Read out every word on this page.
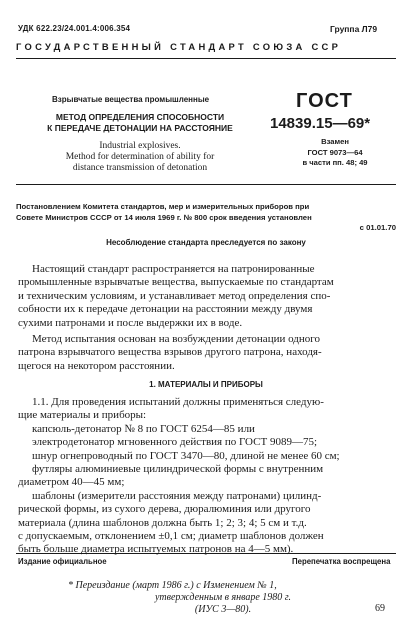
УДК 622.23/24.001.4:006.354	Группа Л79
ГОСУДАРСТВЕННЫЙ СТАНДАРТ СОЮЗА ССР
Взрывчатые вещества промышленные
МЕТОД ОПРЕДЕЛЕНИЯ СПОСОБНОСТИ
К ПЕРЕДАЧЕ ДЕТОНАЦИИ НА РАССТОЯНИЕ
Industrial explosives.
Method for determination of ability for
distance transmission of detonation
ГОСТ
14839.15—69*
Взамен
ГОСТ 9073—64
в части пп. 48; 49
Постановлением Комитета стандартов, мер и измерительных приборов при
Совете Министров СССР от 14 июля 1969 г. № 800 срок введения установлен
с 01.01.70
Несоблюдение стандарта преследуется по закону
Настоящий стандарт распространяется на патронированные
промышленные взрывчатые вещества, выпускаемые по стандартам
и техническим условиям, и устанавливает метод определения спо-
собности их к передаче детонации на расстоянии между двумя
сухими патронами и после выдержки их в воде.
Метод испытания основан на возбуждении детонации одного
патрона взрывчатого вещества взрывов другого патрона, находя-
щегося на некотором расстоянии.
1. МАТЕРИАЛЫ И ПРИБОРЫ
1.1. Для проведения испытаний должны применяться следую-
щие материалы и приборы:
капсюль-детонатор № 8 по ГОСТ 6254—85 или
электродетонатор мгновенного действия по ГОСТ 9089—75;
шнур огнепроводный по ГОСТ 3470—80, длиной не менее 60 см;
футляры алюминиевые цилиндрической формы с внутренним
диаметром 40—45 мм;
шаблоны (измерители расстояния между патронами) цилинд-
рической формы, из сухого дерева, дюралюминия или другого
материала (длина шаблонов должна быть 1; 2; 3; 4; 5 см и т.д.
с допускаемым, отклонением ±0,1 см; диаметр шаблонов должен
быть больше диаметра испытуемых патронов на 4—5 мм).
Издание официальное	Перепечатка воспрещена
* Переиздание (март 1986 г.) с Изменением № 1,
утвержденным в январе 1980 г.
(ИУС 3—80).	69
